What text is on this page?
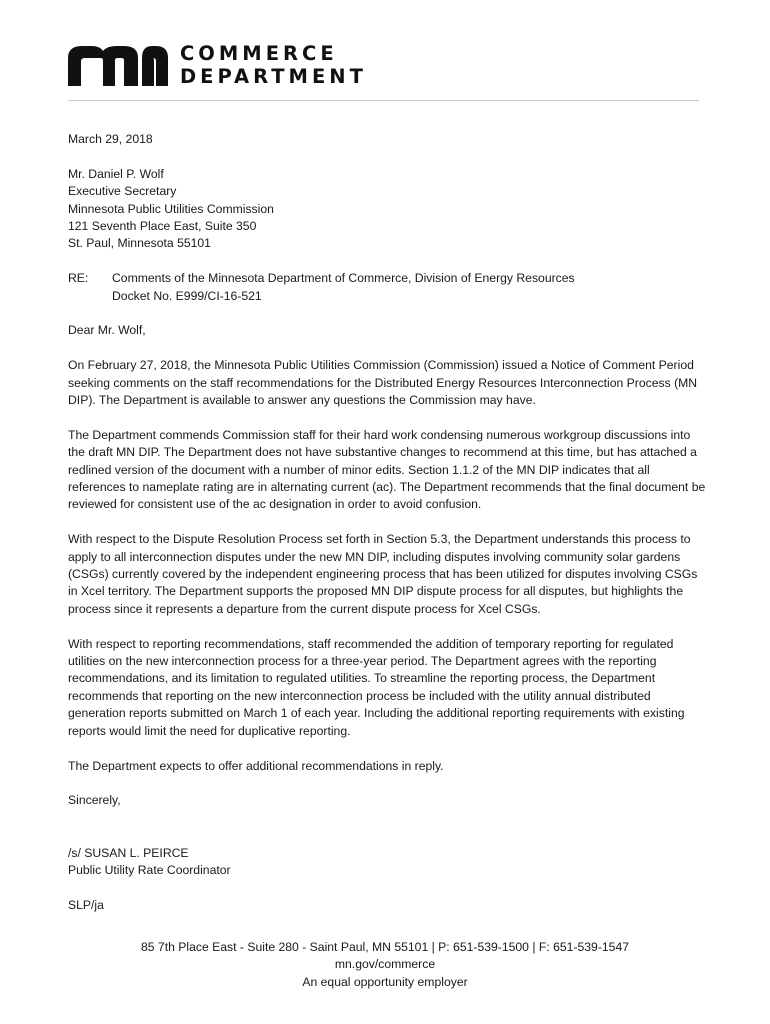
COMMERCE
DEPARTMENT

March 29, 2018

Mr. Daniel P. Wolf

Executive Secretary

Minnesota Public Utilities Commission

121 Seventh Place East, Suite 350

St. Paul, Minnesota 55101

RE:	Comments of the Minnesota Department of Commerce, Division of Energy Resources

Docket No. E999/CI-16-521

Dear Mr. Wolf,

On February 27, 2018, the Minnesota Public Utilities Commission (Commission) issued a Notice of Comment Period seeking comments on the staff recommendations for the Distributed Energy Resources Interconnection Process (MN DIP). The Department is available to answer any questions the Commission may have.

The Department commends Commission staff for their hard work condensing numerous workgroup discussions into the draft MN DIP. The Department does not have substantive changes to recommend at this time, but has attached a redlined version of the document with a number of minor edits. Section 1.1.2 of the MN DIP indicates that all references to nameplate rating are in alternating current (ac). The Department recommends that the final document be reviewed for consistent use of the ac designation in order to avoid confusion.

With respect to the Dispute Resolution Process set forth in Section 5.3, the Department understands this process to apply to all interconnection disputes under the new MN DIP, including disputes involving community solar gardens (CSGs) currently covered by the independent engineering process that has been utilized for disputes involving CSGs in Xcel territory. The Department supports the proposed MN DIP dispute process for all disputes, but highlights the process since it represents a departure from the current dispute process for Xcel CSGs.

With respect to reporting recommendations, staff recommended the addition of temporary reporting for regulated utilities on the new interconnection process for a three-year period. The Department agrees with the reporting recommendations, and its limitation to regulated utilities. To streamline the reporting process, the Department recommends that reporting on the new interconnection process be included with the utility annual distributed generation reports submitted on March 1 of each year. Including the additional reporting requirements with existing reports would limit the need for duplicative reporting.

The Department expects to offer additional recommendations in reply.

Sincerely,

/s/ SUSAN L. PEIRCE

Public Utility Rate Coordinator

SLP/ja

85 7th Place East - Suite 280 - Saint Paul, MN 55101 | P: 651-539-1500 | F: 651-539-1547
mn.gov/commerce
An equal opportunity employer
